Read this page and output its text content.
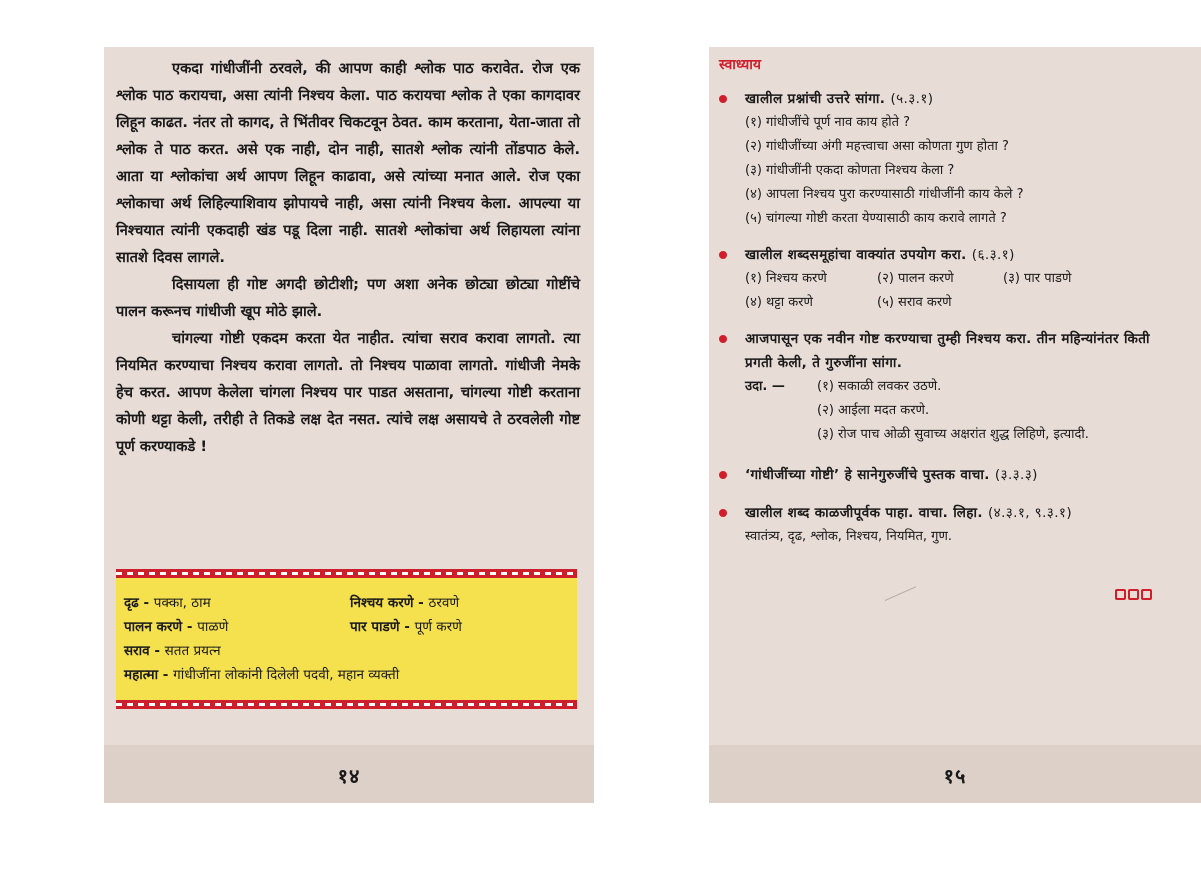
एकदा गांधीजींनी ठरवले, की आपण काही श्लोक पाठ करावेत. रोज एक श्लोक पाठ करायचा, असा त्यांनी निश्चय केला. पाठ करायचा श्लोक ते एका कागदावर लिहून काढत. नंतर तो कागद, ते भिंतीवर चिकटवून ठेवत. काम करताना, येता-जाता तो श्लोक ते पाठ करत. असे एक नाही, दोन नाही, सातशे श्लोक त्यांनी तोंडपाठ केले. आता या श्लोकांचा अर्थ आपण लिहून काढावा, असे त्यांच्या मनात आले. रोज एका श्लोकाचा अर्थ लिहिल्याशिवाय झोपायचे नाही, असा त्यांनी निश्चय केला. आपल्या या निश्चयात त्यांनी एकदाही खंड पडू दिला नाही. सातशे श्लोकांचा अर्थ लिहायला त्यांना सातशे दिवस लागले.

दिसायला ही गोष्ट अगदी छोटीशी; पण अशा अनेक छोट्या छोट्या गोष्टींचे पालन करूनच गांधीजी खूप मोठे झाले.

चांगल्या गोष्टी एकदम करता येत नाहीत. त्यांचा सराव करावा लागतो. त्या नियमित करण्याचा निश्चय करावा लागतो. तो निश्चय पाळावा लागतो. गांधीजी नेमके हेच करत. आपण केलेला चांगला निश्चय पार पाडत असताना, चांगल्या गोष्टी करताना कोणी थट्टा केली, तरीही ते तिकडे लक्ष देत नसत. त्यांचे लक्ष असायचे ते ठरवलेली गोष्ट पूर्ण करण्याकडे !

दृढ - पक्का, ठाम	निश्चय करणे - ठरवणे
पालन करणे - पाळणे	पार पाडणे - पूर्ण करणे
सराव - सतत प्रयत्न
महात्मा - गांधीजींना लोकांनी दिलेली पदवी, महान व्यक्ती
१४
स्वाध्याय
खालील प्रश्नांची उत्तरे सांगा. (५.३.१)
(१) गांधीजींचे पूर्ण नाव काय होते ?
(२) गांधीजींच्या अंगी महत्त्वाचा असा कोणता गुण होता ?
(३) गांधीजींनी एकदा कोणता निश्चय केला ?
(४) आपला निश्चय पुरा करण्यासाठी गांधीजींनी काय केले ?
(५) चांगल्या गोष्टी करता येण्यासाठी काय करावे लागते ?
खालील शब्दसमूहांचा वाक्यांत उपयोग करा. (६.३.१)
(१) निश्चय करणे	(२) पालन करणे	(३) पार पाडणे
(४) थट्टा करणे	(५) सराव करणे
आजपासून एक नवीन गोष्ट करण्याचा तुम्ही निश्चय करा. तीन महिन्यांनंतर किती प्रगती केली, ते गुरुजींना सांगा.
उदा. — (१) सकाळी लवकर उठणे.
(२) आईला मदत करणे.
(३) रोज पाच ओळी सुवाच्य अक्षरांत शुद्ध लिहिणे, इत्यादी.
‘गांधीजींच्या गोष्टी’ हे सानेगुरुजींचे पुस्तक वाचा. (३.३.३)
खालील शब्द काळजीपूर्वक पाहा. वाचा. लिहा. (४.३.१, ९.३.१)
स्वातंत्र्य, दृढ, श्लोक, निश्चय, नियमित, गुण.
१५
